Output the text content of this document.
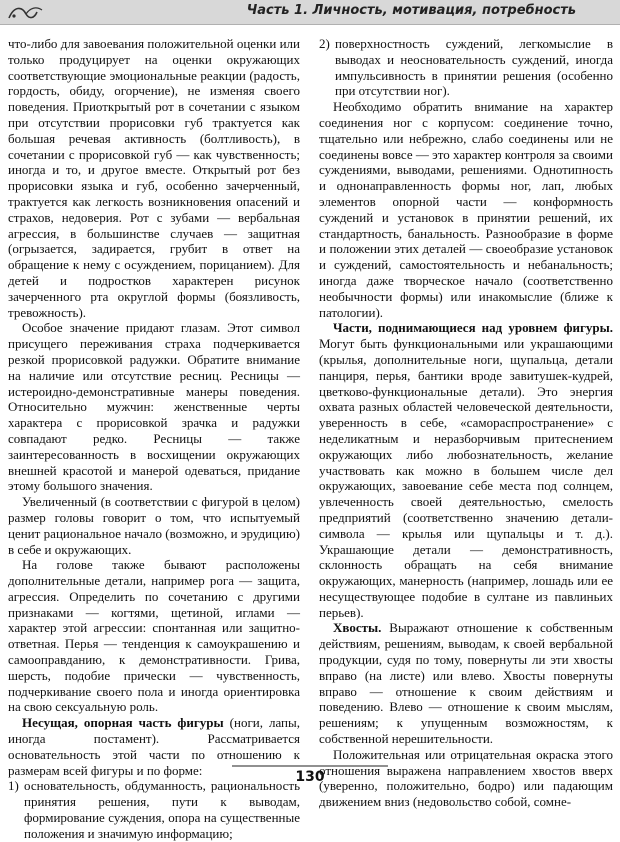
Часть 1. Личность, мотивация, потребность

что-либо для завоевания положительной оценки или только продуцирует на оценки окружающих соответствующие эмоциональные реакции (радость, гордость, обиду, огорчение), не изменяя своего поведения. Приоткрытый рот в сочетании с языком при отсутствии прорисовки губ трактуется как большая речевая активность (болтливость), в сочетании с прорисовкой губ — как чувственность; иногда и то, и другое вместе. Открытый рот без прорисовки языка и губ, особенно зачерченный, трактуется как легкость возникновения опасений и страхов, недоверия. Рот с зубами — вербальная агрессия, в большинстве случаев — защитная (огрызается, задирается, грубит в ответ на обращение к нему с осуждением, порицанием). Для детей и подростков характерен рисунок зачерченного рта округлой формы (боязливость, тревожность).

Особое значение придают глазам. Этот символ присущего переживания страха подчеркивается резкой прорисовкой радужки. Обратите внимание на наличие или отсутствие ресниц. Ресницы — истероидно-демонстративные манеры поведения. Относительно мужчин: женственные черты характера с прорисовкой зрачка и радужки совпадают редко. Ресницы — также заинтересованность в восхищении окружающих внешней красотой и манерой одеваться, придание этому большого значения.

Увеличенный (в соответствии с фигурой в целом) размер головы говорит о том, что испытуемый ценит рациональное начало (возможно, и эрудицию) в себе и окружающих.

На голове также бывают расположены дополнительные детали, например рога — защита, агрессия. Определить по сочетанию с другими признаками — когтями, щетиной, иглами — характер этой агрессии: спонтанная или защитно-ответная. Перья — тенденция к самоукрашению и самооправданию, к демонстративности. Грива, шерсть, подобие прически — чувственность, подчеркивание своего пола и иногда ориентировка на свою сексуальную роль.

Несущая, опорная часть фигуры (ноги, лапы, иногда постамент). Рассматривается основательность этой части по отношению к размерам всей фигуры и по форме:

1) основательность, обдуманность, рациональность принятия решения, пути к выводам, формирование суждения, опора на существенные положения и значимую информацию;
2) поверхностность суждений, легкомыслие в выводах и неосновательность суждений, иногда импульсивность в принятии решения (особенно при отсутствии ног).

Необходимо обратить внимание на характер соединения ног с корпусом: соединение точно, тщательно или небрежно, слабо соединены или не соединены вовсе — это характер контроля за своими суждениями, выводами, решениями. Однотипность и однонаправленность формы ног, лап, любых элементов опорной части — конформность суждений и установок в принятии решений, их стандартность, банальность. Разнообразие в форме и положении этих деталей — своеобразие установок и суждений, самостоятельность и небанальность; иногда даже творческое начало (соответственно необычности формы) или инакомыслие (ближе к патологии).

Части, поднимающиеся над уровнем фигуры. Могут быть функциональными или украшающими (крылья, дополнительные ноги, щупальца, детали панциря, перья, бантики вроде завитушек-кудрей, цветково-функциональные детали). Это энергия охвата разных областей человеческой деятельности, уверенность в себе, «самораспространение» с неделикатным и неразборчивым притеснением окружающих либо любознательность, желание участвовать как можно в большем числе дел окружающих, завоевание себе места под солнцем, увлеченность своей деятельностью, смелость предприятий (соответственно значению детали-символа — крылья или щупальцы и т. д.). Украшающие детали — демонстративность, склонность обращать на себя внимание окружающих, манерность (например, лошадь или ее несуществующее подобие в султане из павлиньих перьев).

Хвосты. Выражают отношение к собственным действиям, решениям, выводам, к своей вербальной продукции, судя по тому, повернуты ли эти хвосты вправо (на листе) или влево. Хвосты повернуты вправо — отношение к своим действиям и поведению. Влево — отношение к своим мыслям, решениям; к упущенным возможностям, к собственной нерешительности.

Положительная или отрицательная окраска этого отношения выражена направлением хвостов вверх (уверенно, положительно, бодро) или падающим движением вниз (недовольство собой, сомне-

130
